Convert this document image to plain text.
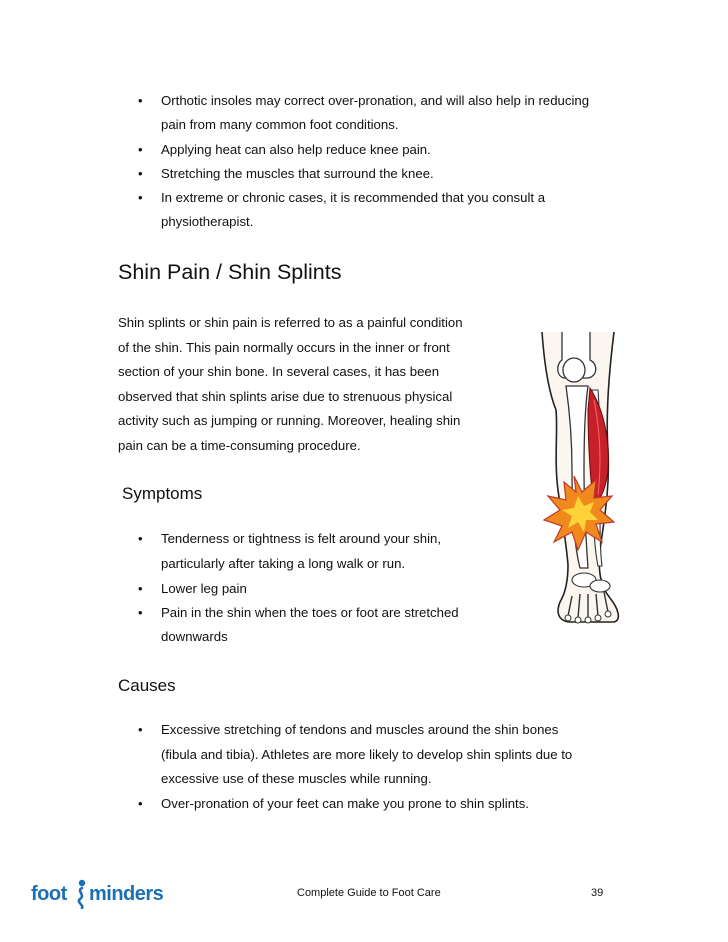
• Orthotic insoles may correct over-pronation, and will also help in reducing
pain from many common foot conditions.
• Applying heat can also help reduce knee pain.
• Stretching the muscles that surround the knee.
• In extreme or chronic cases, it is recommended that you consult a
physiotherapist.
Shin Pain / Shin Splints
Shin splints or shin pain is referred to as a painful condition
of the shin. This pain normally occurs in the inner or front
section of your shin bone. In several cases, it has been
observed that shin splints arise due to strenuous physical
activity such as jumping or running. Moreover, healing shin
pain can be a time-consuming procedure.
Symptoms
• Tenderness or tightness is felt around your shin,
particularly after taking a long walk or run.
• Lower leg pain
• Pain in the shin when the toes or foot are stretched
downwards
Causes
• Excessive stretching of tendons and muscles around the shin bones
(fibula and tibia). Athletes are more likely to develop shin splints due to
excessive use of these muscles while running.
• Over-pronation of your feet can make you prone to shin splints.
foot minders	Complete Guide to Foot Care	39
